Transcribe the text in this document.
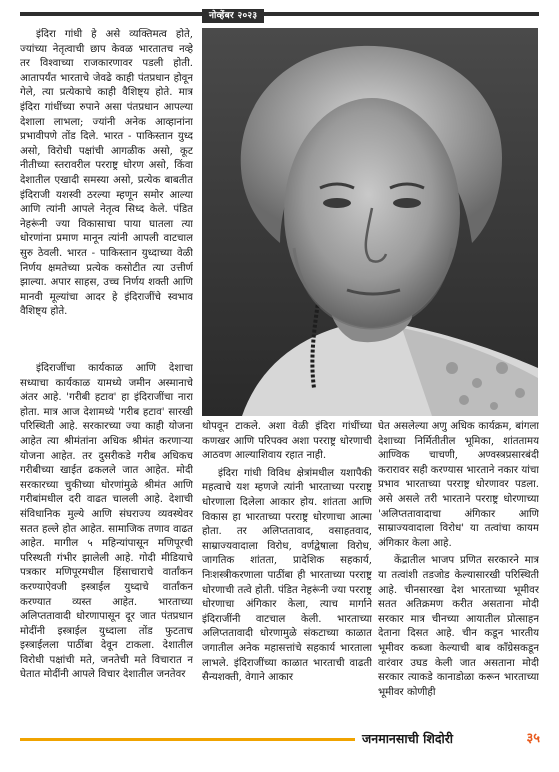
नोव्हेंबर २०२३

इंदिरा गांधी हे असे व्यक्तिमत्व होते, ज्यांच्या नेतृत्वाची छाप केवळ भारतातच नव्हे तर विश्वाच्या राजकारणावर पडली होती. आतापर्यंत भारताचे जेवढे काही पंतप्रधान होवून गेले, त्या प्रत्येकाचे काही वैशिष्ट्य होते. मात्र इंदिरा गांधींच्या रुपाने असा पंतप्रधान आपल्या देशाला लाभला; ज्यांनी अनेक आव्हानांना प्रभावीपणे तोंड दिले. भारत - पाकिस्तान युध्द असो, विरोधी पक्षांची आगळीक असो, कूट नीतीच्या स्तरावरील परराष्ट्र धोरण असो, किंवा देशातील एखादी समस्या असो, प्रत्येक बाबतीत इंदिराजी यशस्वी ठरल्या म्हणून समोर आल्या आणि त्यांनी आपले नेतृत्व सिध्द केले. पंडित नेहरूंनी ज्या विकासाचा पाया घातला त्या धोरणांना प्रमाण मानून त्यांनी आपली वाटचाल सुरु ठेवली. भारत - पाकिस्तान युध्दाच्या वेळी निर्णय क्षमतेच्या प्रत्येक कसोटीत त्या उत्तीर्ण झाल्या. अपार साहस, उच्च निर्णय शक्ती आणि मानवी मूल्यांचा आदर हे इंदिराजींचे स्वभाव वैशिष्ट्य होते.

इंदिराजींचा कार्यकाळ आणि देशाचा सध्याचा कार्यकाळ यामध्ये जमीन अस्मानाचे अंतर आहे. 'गरीबी हटाव' हा इंदिराजींचा नारा होता. मात्र आज देशामध्ये 'गरीब हटाव' सारखी परिस्थिती आहे. सरकारच्या ज्या काही योजना आहेत त्या श्रीमंतांना अधिक श्रीमंत करणाऱ्या योजना आहेत. तर दुसरीकडे गरीब अधिकच गरीबीच्या खाईत ढकलले जात आहेत. मोदी सरकारच्या चुकीच्या धोरणांमुळे श्रीमंत आणि गरीबांमधील दरी वाढत चालली आहे. देशाची संविधानिक मुल्ये आणि संघराज्य व्यवस्थेवर सतत हल्ले होत आहेत. सामाजिक तणाव वाढत आहेत. मागील ५ महिन्यांपासून मणिपूरची परिस्थती गंभीर झालेली आहे. गोदी मीडियाचे पत्रकार मणिपूरमधील हिंसाचाराचे वार्तांकन करण्याऐवजी इस्त्राईल युध्दाचे वार्तांकन करण्यात व्यस्त आहेत. भारताच्या अलिप्ततावादी धोरणापासून दूर जात पंतप्रधान मोदींनी इस्त्राईल युध्दाला तोंड फुटताच इस्त्राईलला पाठींबा देवून टाकला. देशातील विरोधी पक्षांची मते, जनतेची मते विचारात न घेतात मोदींनी आपले विचार देशातील जनतेवर

थोपवून टाकले. अशा वेळी इंदिरा गांधींच्या कणखर आणि परिपक्व अशा परराष्ट्र धोरणाची आठवण आल्याशिवाय रहात नाही.

इंदिरा गांधी विविध क्षेत्रांमधील यशापैकी महत्वाचे यश म्हणजे त्यांनी भारताच्या परराष्ट्र धोरणाला दिलेला आकार होय. शांतता आणि विकास हा भारताच्या परराष्ट्र धोरणाचा आत्मा होता. तर अलिप्ततावाद, वसाहतवाद, साम्राज्यवादाला विरोध, वर्णद्वेषाला विरोध, जागतिक शांतता, प्रादेशिक सहकार्य, निःशस्त्रीकरणाला पाठींबा ही भारताच्या परराष्ट्र धोरणाची तत्वे होती. पंडित नेहरूंनी ज्या परराष्ट्र धोरणाचा अंगिकार केला, त्याच मार्गाने इंदिराजींनी वाटचाल केली. भारताच्या अलिप्ततावादी धोरणामुळे संकटाच्या काळात जगातील अनेक महासत्तांचे सहकार्य भारताला लाभले. इंदिराजींच्या काळात भारताची वाढती सैन्यशक्ती, वेगाने आकार

घेत असलेल्या अणु अधिक कार्यक्रम, बांगला देशाच्या निर्मितीतील भूमिका, शांततामय आण्विक चाचणी, अण्वस्त्रप्रसारबंदी करारावर सही करण्यास भारताने नकार यांचा प्रभाव भारताच्या परराष्ट्र धोरणावर पडला. असे असले तरी भारताने परराष्ट्र धोरणाच्या 'अलिप्ततावादाचा अंगिकार आणि साम्राज्यवादाला विरोध' या तत्वांचा कायम अंगिकार केला आहे.

केंद्रातील भाजप प्रणित सरकारने मात्र या तत्वांशी तडजोड केल्यासारखी परिस्थिती आहे. चीनसारखा देश भारताच्या भूमीवर सतत अतिक्रमण करीत असताना मोदी सरकार मात्र चीनच्या आयातील प्रोत्साहन देताना दिसत आहे. चीन कडून भारतीय भूमीवर कब्जा केल्याची बाब काँग्रेसकडून वारंवार उघड केली जात असताना मोदी सरकार त्याकडे कानाडोळा करून भारताच्या भूमीवर कोणीही

जनमानसाची शिदोरी	३५
